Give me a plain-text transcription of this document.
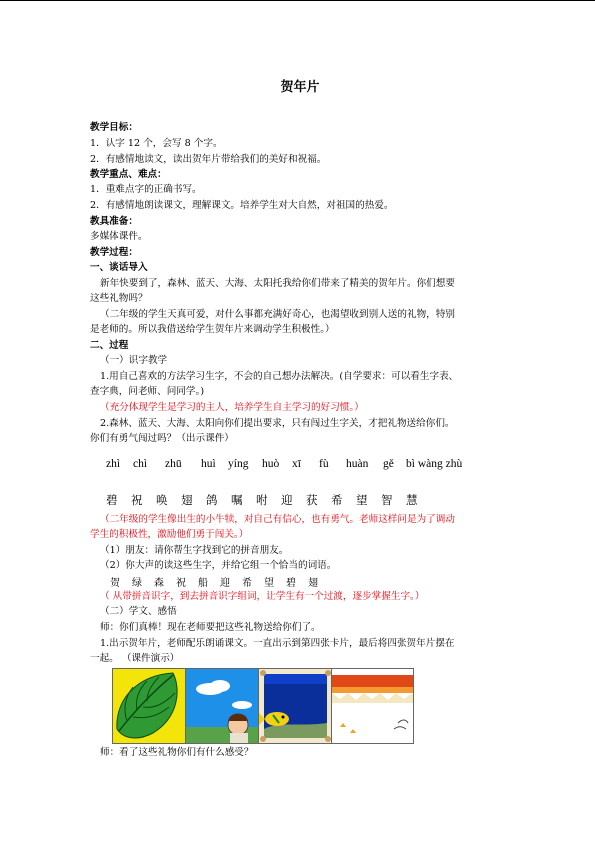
贺年片
教学目标：
1．认字 12 个，会写 8 个字。
2．有感情地读文，读出贺年片带给我们的美好和祝福。
教学重点、难点：
1．重难点字的正确书写。
2．有感情地朗读课文，理解课文。培养学生对大自然，对祖国的热爱。
教具准备：
多媒体课件。
教学过程：
一、谈话导入
新年快要到了，森林、蓝天、大海、太阳托我给你们带来了精美的贺年片。你们想要
这些礼物吗？
（二年级的学生天真可爱，对什么事都充满好奇心，也渴望收到别人送的礼物，特别
是老师的。所以我借送给学生贺年片来调动学生积极性。）
二、过程
（一）识字教学
1.用自己喜欢的方法学习生字，不会的自己想办法解决。(自学要求：可以看生字表、
查字典，问老师、问同学。)
（充分体现学生是学习的主人，培养学生自主学习的好习惯。）
2.森林、蓝天、大海、太阳向你们提出要求，只有闯过生字关，才把礼物送给你们。
你们有勇气闯过吗？（出示课件）
zhì chì zhū huì yíng huò xī fù huàn gě bì wàng zhù
碧 祝 唤 翅 鸽 嘱 咐 迎 获 希 望 智 慧
（二年级的学生像出生的小牛犊，对自己有信心，也有勇气。老师这样问是为了调动
学生的积极性，激励他们勇于闯关。）
（1）朋友：请你帮生字找到它的拼音朋友。
（2）你大声的读这些生字，并给它组一个恰当的词语。
贺 绿 森 祝 船 迎 希 望 碧 翅
（ 从带拼音识字，到去拼音识字组词，让学生有一个过渡，逐步掌握生字。）
（二）学文、感悟
师：你们真棒！现在老师要把这些礼物送给你们了。
1.出示贺年片，老师配乐朗诵课文。一直出示到第四张卡片，最后将四张贺年片摆在
一起。 （课件演示）
师：看了这些礼物你们有什么感受？
